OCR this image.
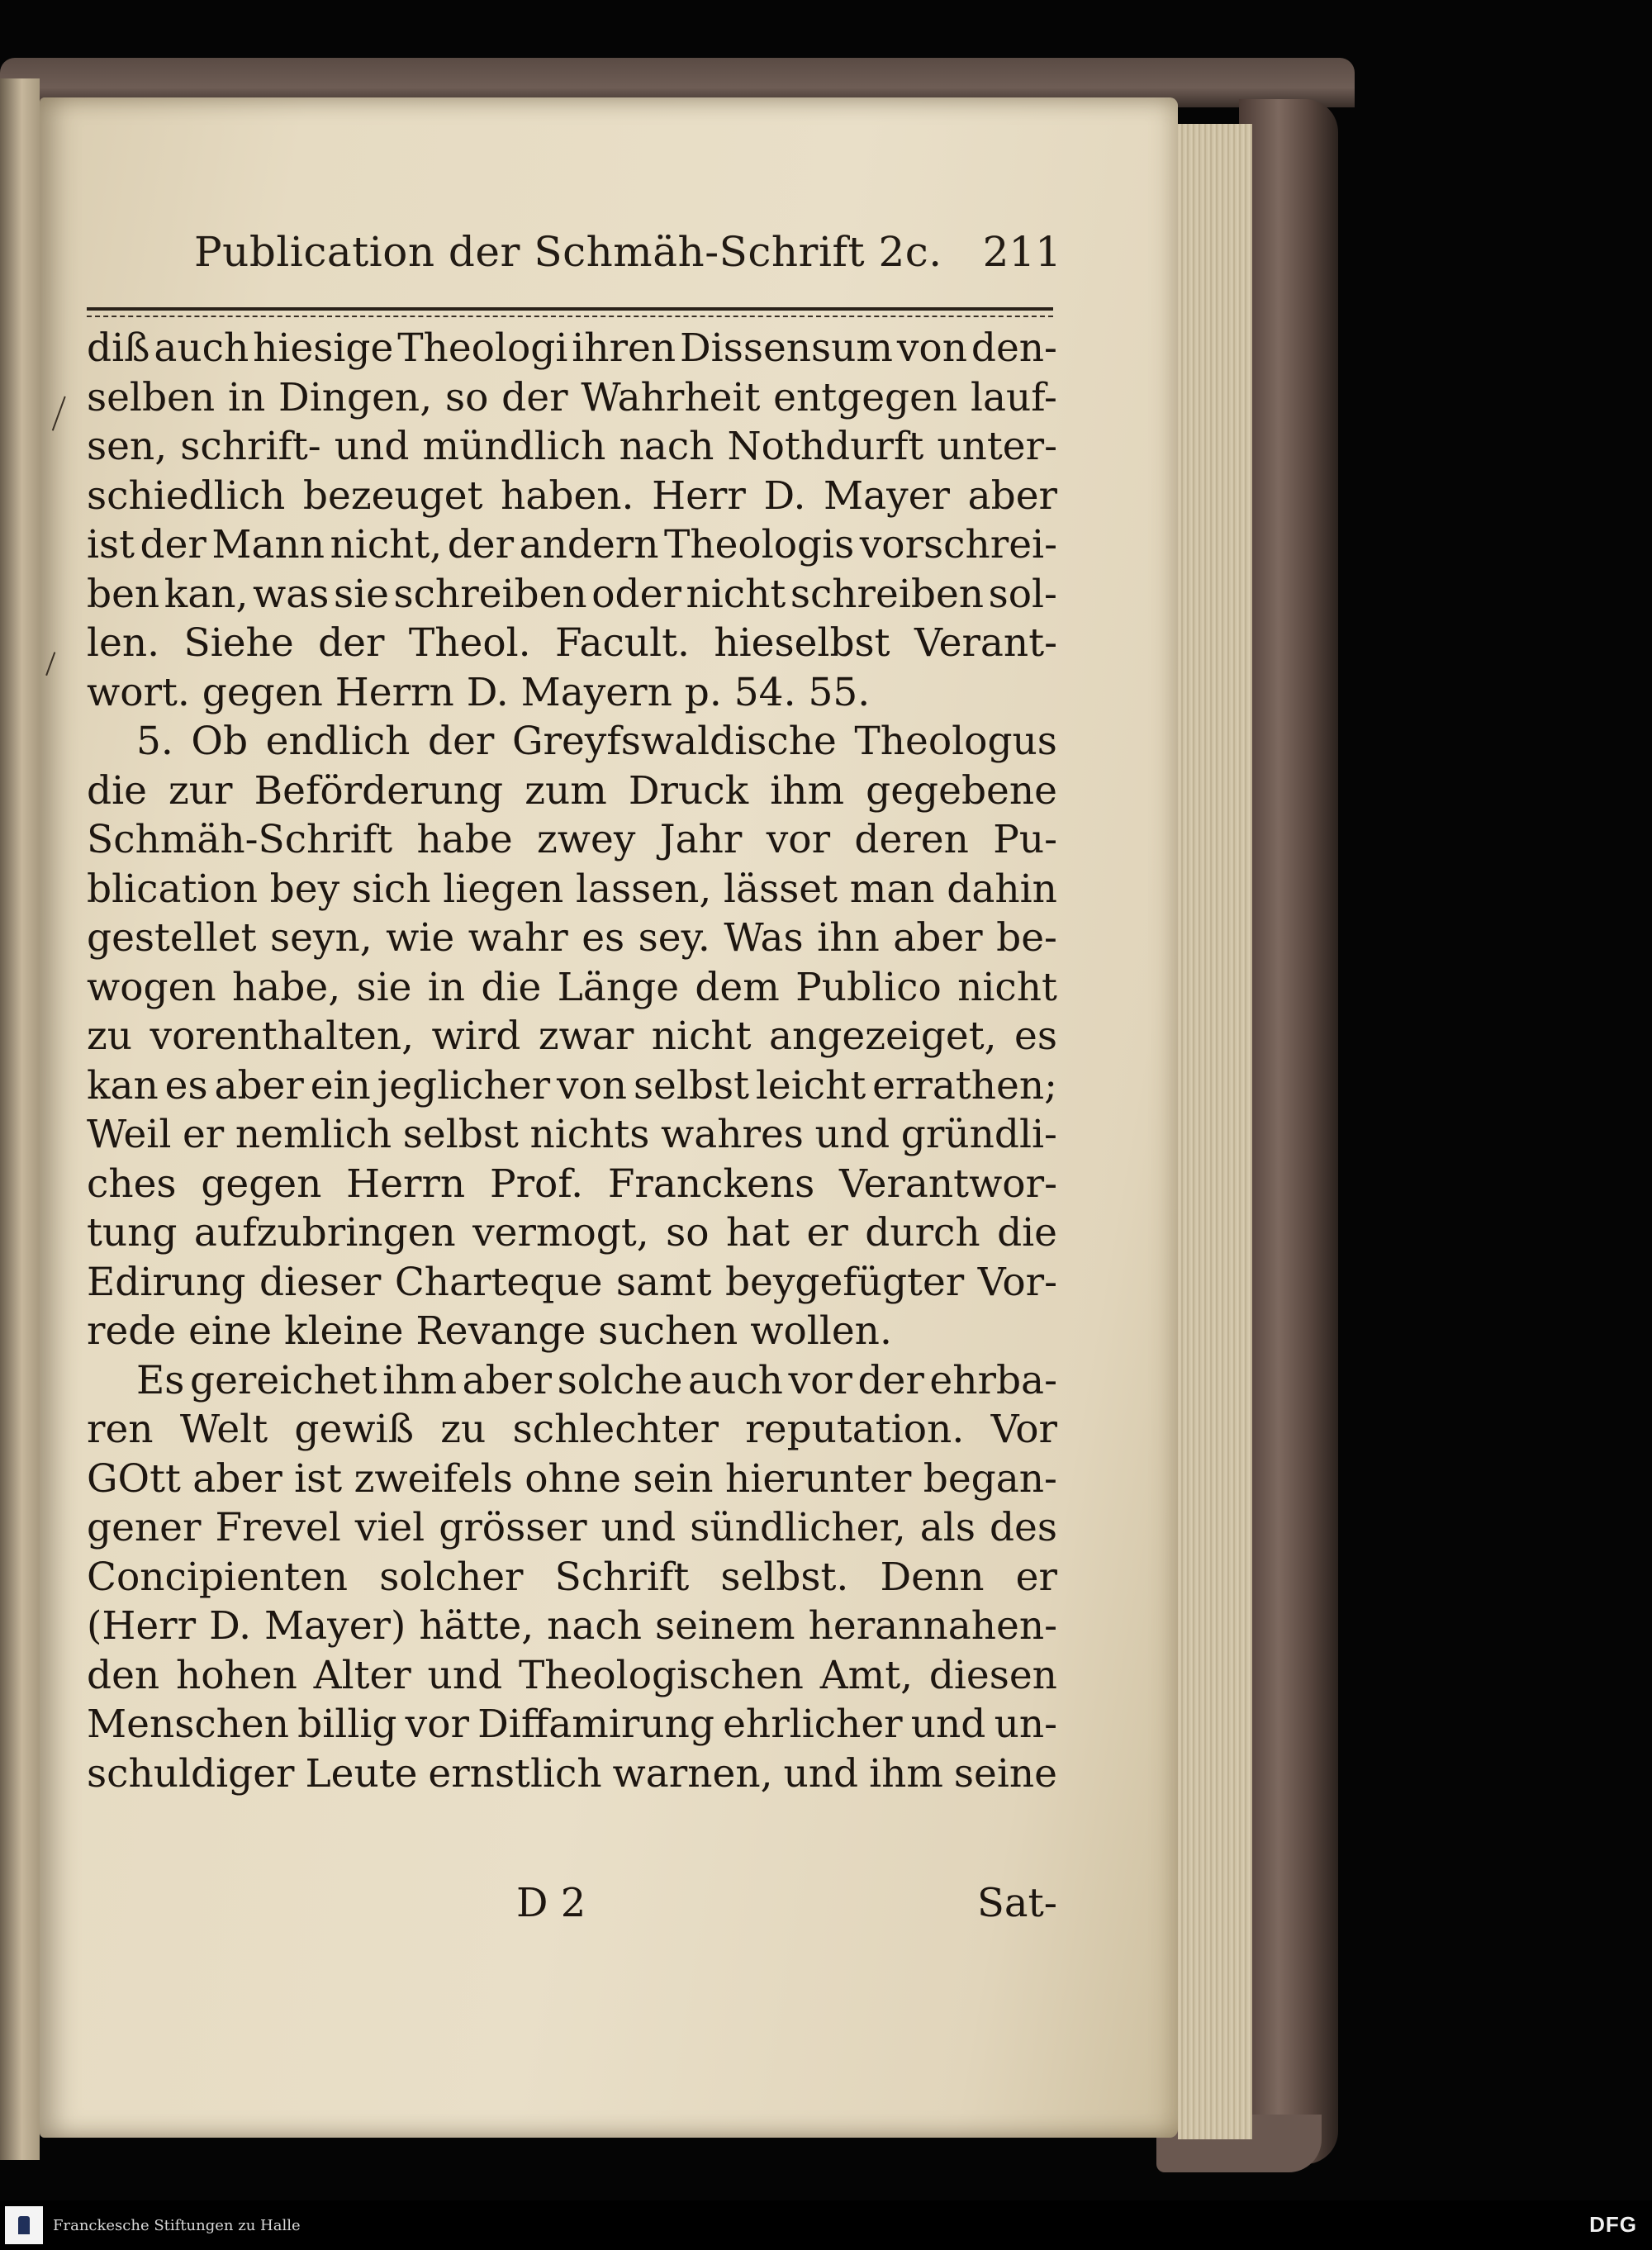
Publication der Schmäh-Schrift 2c. 211
diß auch hiesige Theologi ihren Dissensum von den-
selben in Dingen, so der Wahrheit entgegen lauf-
sen, schrift- und mündlich nach Nothdurft unter-
schiedlich bezeuget haben. Herr D. Mayer aber
ist der Mann nicht, der andern Theologis vorschrei-
ben kan, was sie schreiben oder nicht schreiben sol-
len. Siehe der Theol. Facult. hieselbst Verant-
wort. gegen Herrn D. Mayern p. 54. 55.
5. Ob endlich der Greyfswaldische Theologus
die zur Beförderung zum Druck ihm gegebene
Schmäh-Schrift habe zwey Jahr vor deren Pu-
blication bey sich liegen lassen, lässet man dahin
gestellet seyn, wie wahr es sey. Was ihn aber be-
wogen habe, sie in die Länge dem Publico nicht
zu vorenthalten, wird zwar nicht angezeiget, es
kan es aber ein jeglicher von selbst leicht errathen;
Weil er nemlich selbst nichts wahres und gründli-
ches gegen Herrn Prof. Franckens Verantwor-
tung aufzubringen vermogt, so hat er durch die
Edirung dieser Charteque samt beygefügter Vor-
rede eine kleine Revange suchen wollen.
Es gereichet ihm aber solche auch vor der ehrba-
ren Welt gewiß zu schlechter reputation. Vor
GOtt aber ist zweifels ohne sein hierunter began-
gener Frevel viel grösser und sündlicher, als des
Concipienten solcher Schrift selbst. Denn er
(Herr D. Mayer) hätte, nach seinem herannahen-
den hohen Alter und Theologischen Amt, diesen
Menschen billig vor Diffamirung ehrlicher und un-
schuldiger Leute ernstlich warnen, und ihm seine
D 2	Sat-
Franckesche Stiftungen zu Halle	DFG
